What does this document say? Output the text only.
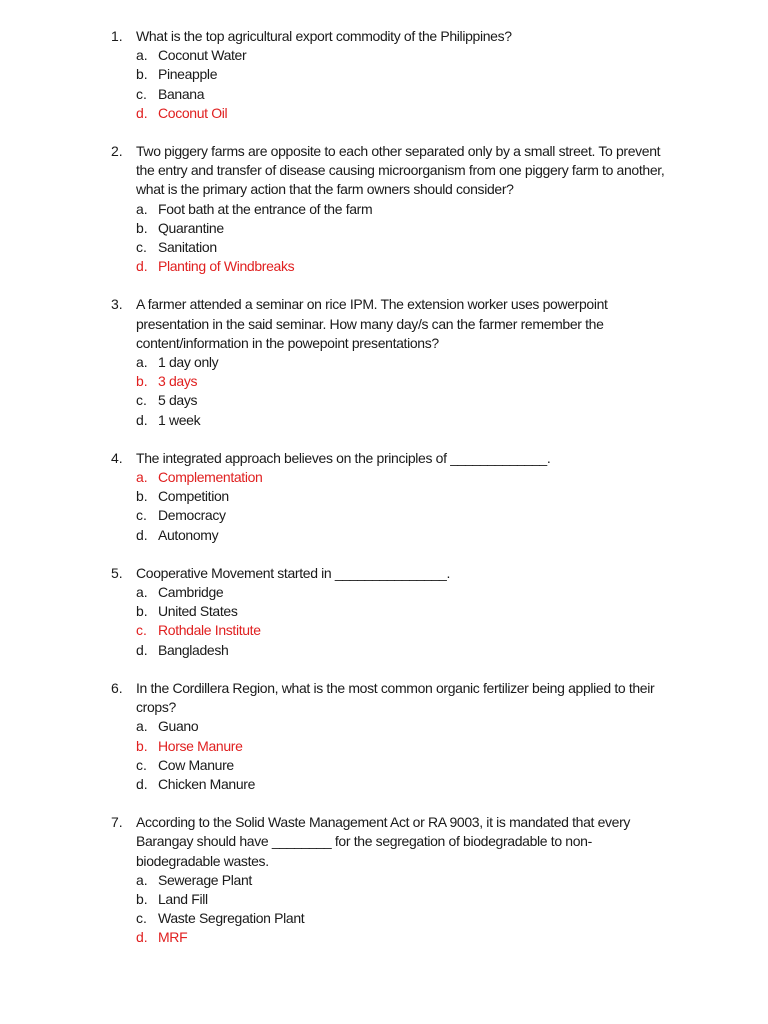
1. What is the top agricultural export commodity of the Philippines?
a. Coconut Water
b. Pineapple
c. Banana
d. Coconut Oil
2. Two piggery farms are opposite to each other separated only by a small street. To prevent the entry and transfer of disease causing microorganism from one piggery farm to another, what is the primary action that the farm owners should consider?
a. Foot bath at the entrance of the farm
b. Quarantine
c. Sanitation
d. Planting of Windbreaks
3. A farmer attended a seminar on rice IPM. The extension worker uses powerpoint presentation in the said seminar. How many day/s can the farmer remember the content/information in the powepoint presentations?
a. 1 day only
b. 3 days
c. 5 days
d. 1 week
4. The integrated approach believes on the principles of _____________.
a. Complementation
b. Competition
c. Democracy
d. Autonomy
5. Cooperative Movement started in _______________.
a. Cambridge
b. United States
c. Rothdale Institute
d. Bangladesh
6. In the Cordillera Region, what is the most common organic fertilizer being applied to their crops?
a. Guano
b. Horse Manure
c. Cow Manure
d. Chicken Manure
7. According to the Solid Waste Management Act or RA 9003, it is mandated that every Barangay should have ________ for the segregation of biodegradable to non-biodegradable wastes.
a. Sewerage Plant
b. Land Fill
c. Waste Segregation Plant
d. MRF
